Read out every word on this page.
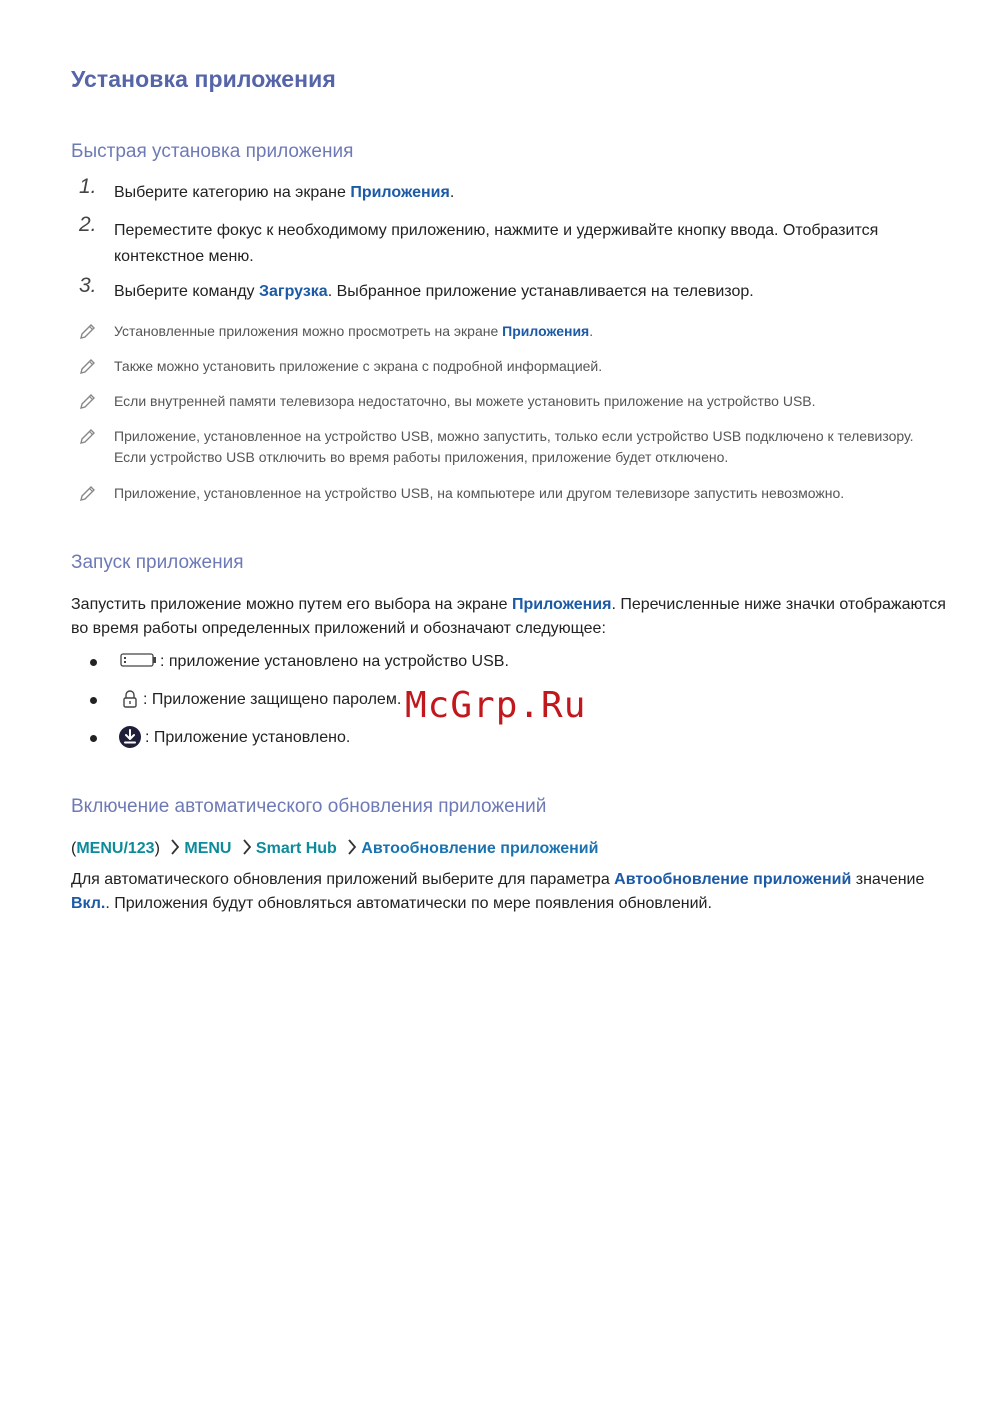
Установка приложения
Быстрая установка приложения
1.	Выберите категорию на экране Приложения.
2.	Переместите фокус к необходимому приложению, нажмите и удерживайте кнопку ввода. Отобразится контекстное меню.
3.	Выберите команду Загрузка. Выбранное приложение устанавливается на телевизор.
Установленные приложения можно просмотреть на экране Приложения.
Также можно установить приложение с экрана с подробной информацией.
Если внутренней памяти телевизора недостаточно, вы можете установить приложение на устройство USB.
Приложение, установленное на устройство USB, можно запустить, только если устройство USB подключено к телевизору. Если устройство USB отключить во время работы приложения, приложение будет отключено.
Приложение, установленное на устройство USB, на компьютере или другом телевизоре запустить невозможно.
Запуск приложения
Запустить приложение можно путем его выбора на экране Приложения. Перечисленные ниже значки отображаются во время работы определенных приложений и обозначают следующее:
: приложение установлено на устройство USB.
: Приложение защищено паролем.
: Приложение установлено.
McGrp.Ru
Включение автоматического обновления приложений
(MENU/123) MENU Smart Hub Автообновление приложений
Для автоматического обновления приложений выберите для параметра Автообновление приложений значение Вкл.. Приложения будут обновляться автоматически по мере появления обновлений.
